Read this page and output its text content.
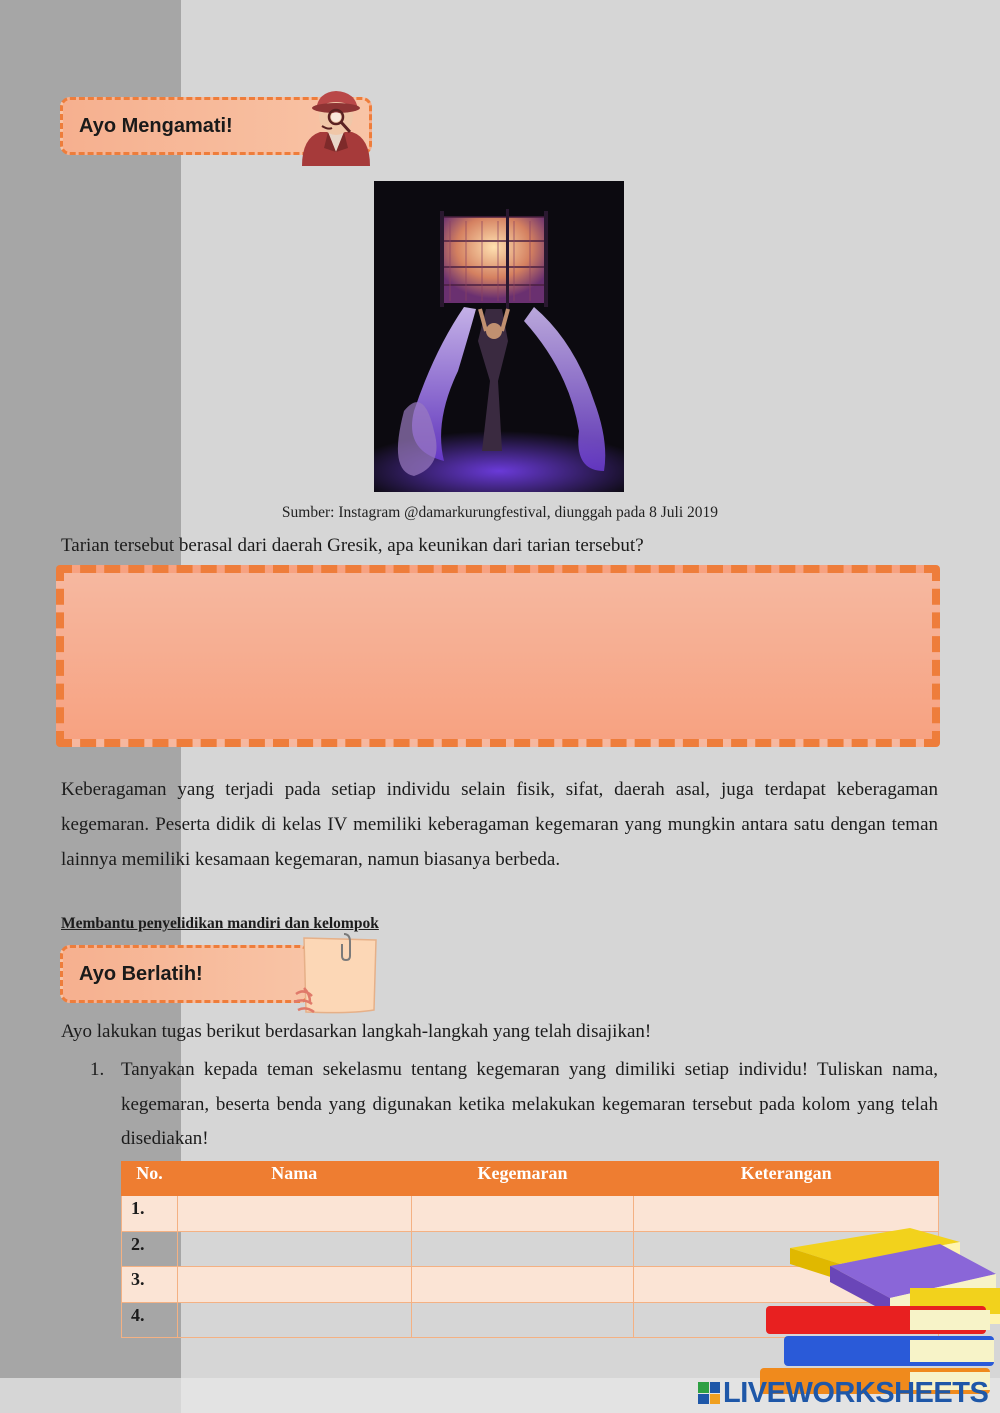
Ayo Mengamati!
Sumber: Instagram @damarkurungfestival, diunggah pada 8 Juli 2019
Tarian tersebut berasal dari daerah Gresik, apa keunikan dari tarian tersebut?
Keberagaman yang terjadi pada setiap individu selain fisik, sifat, daerah asal, juga terdapat keberagaman kegemaran. Peserta didik di kelas IV memiliki keberagaman kegemaran yang mungkin antara satu dengan teman lainnya memiliki kesamaan kegemaran, namun biasanya berbeda.
Membantu penyelidikan mandiri dan kelompok
Ayo Berlatih!
Ayo lakukan tugas berikut berdasarkan langkah-langkah yang telah disajikan!
1. Tanyakan kepada teman sekelasmu tentang kegemaran yang dimiliki setiap individu! Tuliskan nama, kegemaran, beserta benda yang digunakan ketika melakukan kegemaran tersebut pada kolom yang telah disediakan!
No.	Nama	Kegemaran	Keterangan
1.			
2.			
3.			
4.			
LIVEWORKSHEETS
